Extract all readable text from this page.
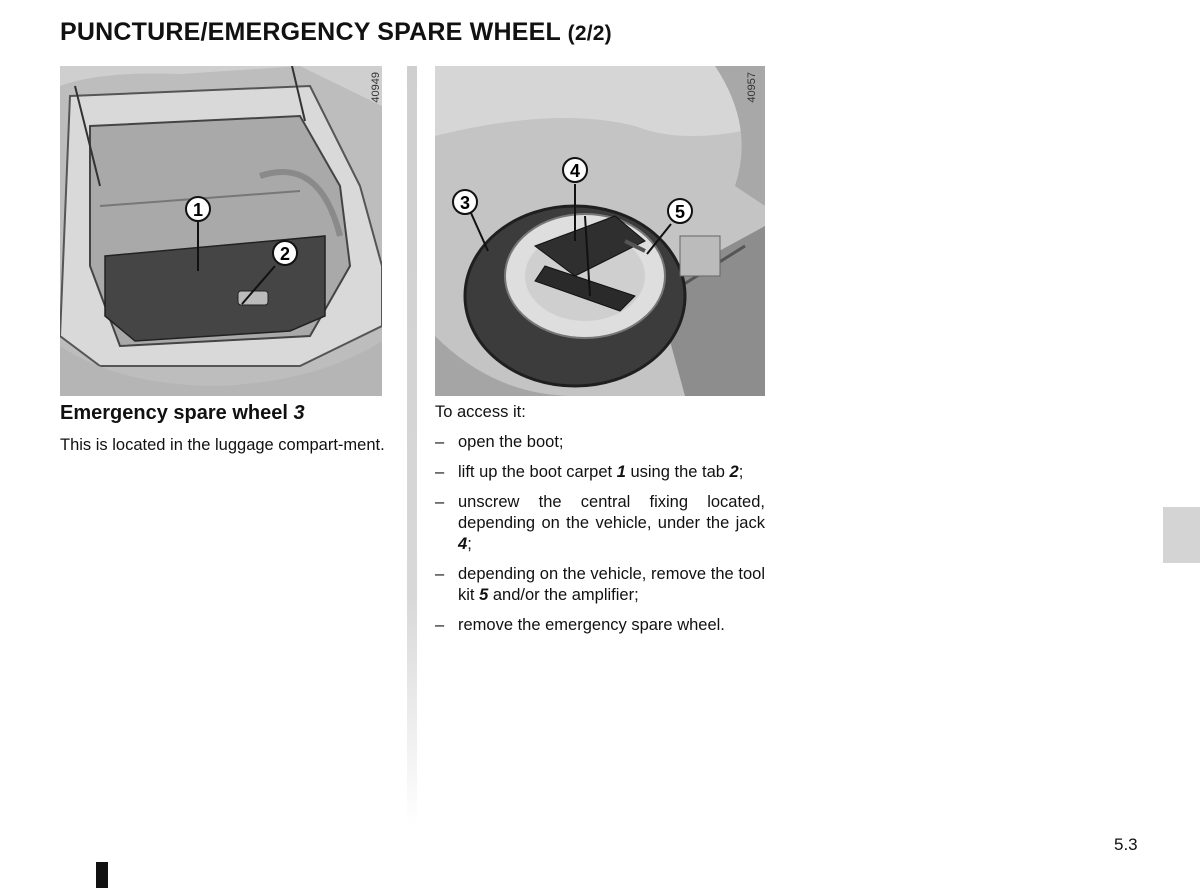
PUNCTURE/EMERGENCY SPARE WHEEL (2/2)
1
2
40949
3
4
5
40957
Emergency spare wheel 3
This is located in the luggage compart-ment.
To access it:
– open the boot;
– lift up the boot carpet 1 using the tab 2;
– unscrew the central fixing located, depending on the vehicle, under the jack 4;
– depending on the vehicle, remove the tool kit 5 and/or the amplifier;
– remove the emergency spare wheel.
5.3
